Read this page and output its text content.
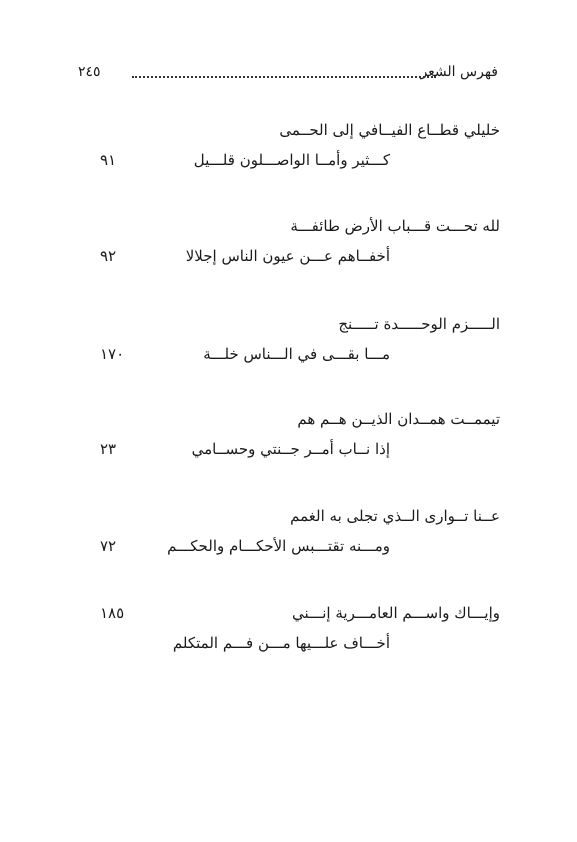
فهرس الشعر
٢٤٥
خليلي قطــاع الفيــافي إلى الحــمى
كـــثير وأمــا الواصـــلون قلـــيل
٩١
لله تحـــت قـــباب الأرض طائفـــة
أخفــاهم عـــن عيون الناس إجلالا
٩٢
الـــــزم الوحـــــدة تـــــنج
مـــا بقـــى في الـــناس خلـــة
١٧٠
تيممــت همــدان الذيــن هــم هم
إذا نــاب أمــر جــنتي وحســامي
٢٣
عــنا تــوارى الــذي تجلى به الغمم
ومـــنه تقتـــبس الأحكـــام والحكـــم
٧٢
وإيـــاك واســـم العامـــرية إنـــني
أخـــاف علـــيها مـــن فـــم المتكلم
١٨٥
